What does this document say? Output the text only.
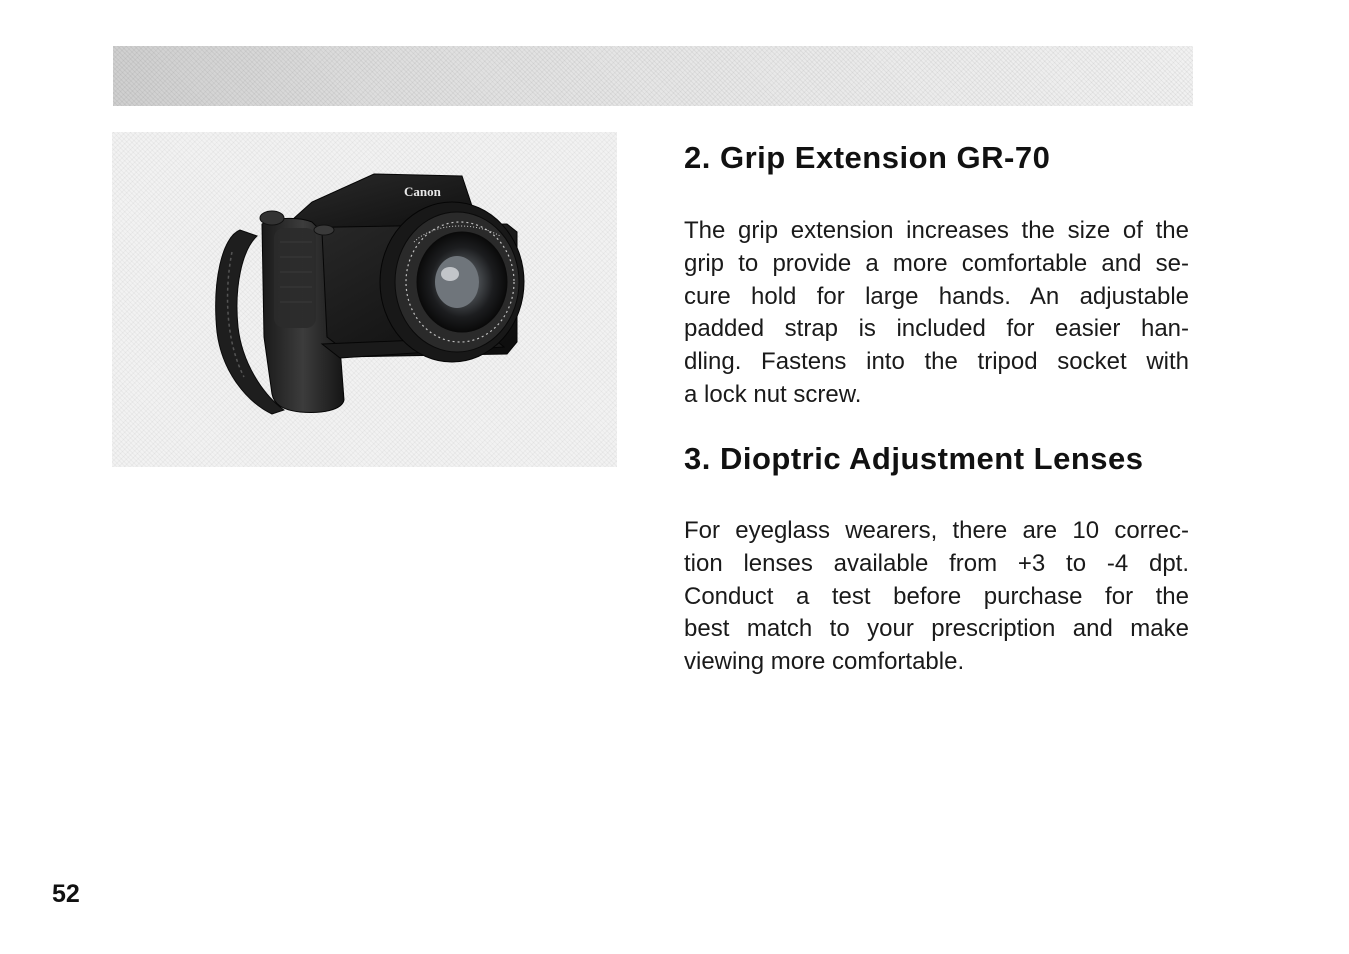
Canon
2. Grip Extension GR-70

The grip extension increases the size of the
grip to provide a more comfortable and se-
cure hold for large hands. An adjustable
padded strap is included for easier han-
dling. Fastens into the tripod socket with
a lock nut screw.

3. Dioptric Adjustment Lenses

For eyeglass wearers, there are 10 correc-
tion lenses available from +3 to -4 dpt.
Conduct a test before purchase for the
best match to your prescription and make
viewing more comfortable.

52
